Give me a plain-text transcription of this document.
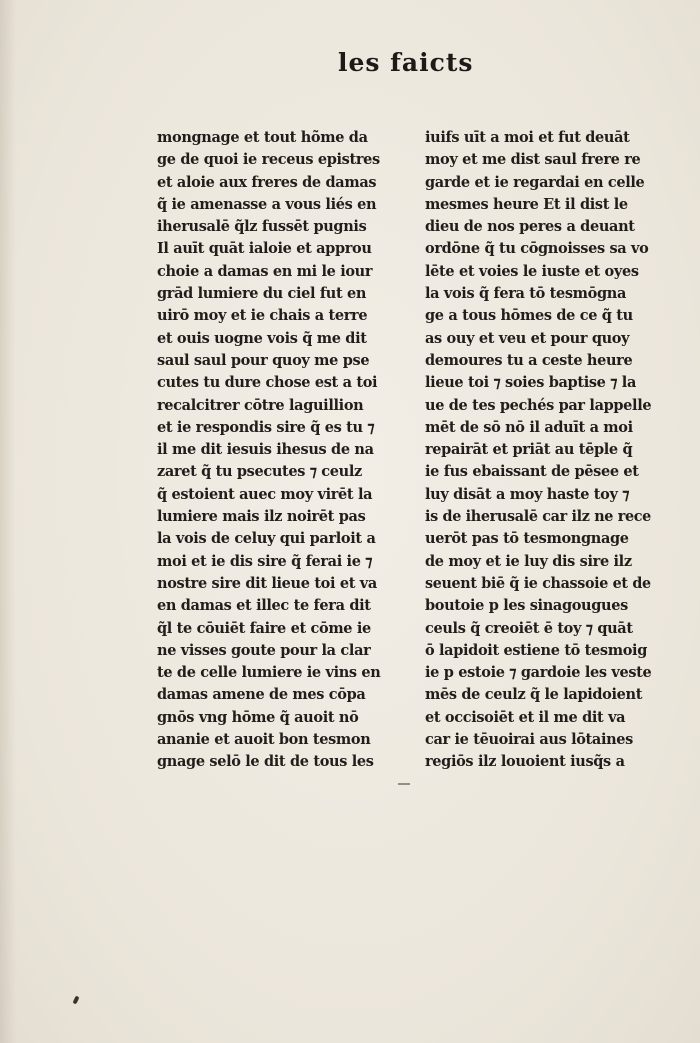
les faicts
mongnage et tout hõme da
ge de quoi ie receus epistres
et aloie aux freres de damas
q̃ ie amenasse a vous liés en
iherusalē q̃lz fussēt pugnis
Il auīt quāt ialoie et approu
choie a damas en mi le iour
grād lumiere du ciel fut en
uirō moy et ie chais a terre
et ouis uogne vois q̃ me dit
saul saul pour quoy me pse
cutes tu dure chose est a toi
recalcitrer cōtre laguillion
et ie respondis sire q̃ es tu ⁊
il me dit iesuis ihesus de na
zaret q̃ tu psecutes ⁊ ceulz
q̃ estoient auec moy virēt la
lumiere mais ilz noirēt pas
la vois de celuy qui parloit a
moi et ie dis sire q̃ ferai ie ⁊
nostre sire dit lieue toi et va
en damas et illec te fera dit
q̃l te cōuiēt faire et cōme ie
ne visses goute pour la clar
te de celle lumiere ie vins en
damas amene de mes cōpa
gnōs vng hōme q̃ auoit nō
ananie et auoit bon tesmon
gnage selō le dit de tous les
iuifs uīt a moi et fut deuāt
moy et me dist saul frere re
garde et ie regardai en celle
mesmes heure Et il dist le
dieu de nos peres a deuant
ordōne q̃ tu cōgnoisses sa vo
lēte et voies le iuste et oyes
la vois q̃ fera tō tesmōgna
ge a tous hōmes de ce q̃ tu
as ouy et veu et pour quoy
demoures tu a ceste heure
lieue toi ⁊ soies baptise ⁊ la
ue de tes pechés par lappelle
mēt de sō nō il aduīt a moi
repairāt et priāt au tēple q̃
ie fus ebaissant de pēsee et
luy disāt a moy haste toy ⁊
is de iherusalē car ilz ne rece
uerōt pas tō tesmongnage
de moy et ie luy dis sire ilz
seuent biē q̃ ie chassoie et de
boutoie p les sinagougues
ceuls q̃ creoiēt ē toy ⁊ quāt
ō lapidoit estiene tō tesmoig
ie p estoie ⁊ gardoie les veste
mēs de ceulz q̃ le lapidoient
et occisoiēt et il me dit va
car ie tēuoirai aus lōtaines
regiōs ilz louoient iusq̃s a
